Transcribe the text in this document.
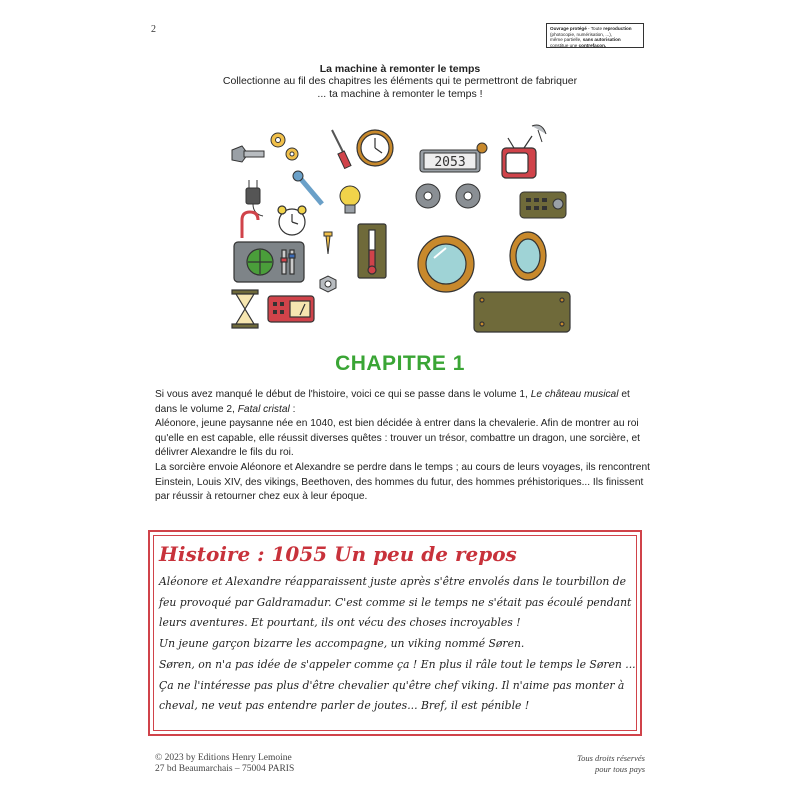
2	Ouvrage protégé - Toute reproduction
(photocopie, numérisation, ...),
même partielle, sans autorisation
constitue une contrefaçon.
La machine à remonter le temps
Collectionne au fil des chapitres les éléments qui te permettront de fabriquer
... ta machine à remonter le temps !
2053
CHAPITRE 1
Si vous avez manqué le début de l'histoire, voici ce qui se passe dans le volume 1, Le château musical et dans le volume 2, Fatal cristal :
Aléonore, jeune paysanne née en 1040, est bien décidée à entrer dans la chevalerie. Afin de montrer au roi qu'elle en est capable, elle réussit diverses quêtes : trouver un trésor, combattre un dragon, une sorcière, et délivrer Alexandre le fils du roi.
La sorcière envoie Aléonore et Alexandre se perdre dans le temps ; au cours de leurs voyages, ils rencontrent Einstein, Louis XIV, des vikings, Beethoven, des hommes du futur, des hommes préhistoriques... Ils finissent par réussir à retourner chez eux à leur époque.
Histoire : 1055 Un peu de repos
Aléonore et Alexandre réapparaissent juste après s'être envolés dans le tourbillon de feu provoqué par Galdramadur. C'est comme si le temps ne s'était pas écoulé pendant leurs aventures. Et pourtant, ils ont vécu des choses incroyables !
Un jeune garçon bizarre les accompagne, un viking nommé Søren.
Søren, on n'a pas idée de s'appeler comme ça ! En plus il râle tout le temps le Søren ... Ça ne l'intéresse pas plus d'être chevalier qu'être chef viking. Il n'aime pas monter à cheval, ne veut pas entendre parler de joutes... Bref, il est pénible !
© 2023 by Editions Henry Lemoine
27 bd Beaumarchais – 75004 PARIS
Tous droits réservés
pour tous pays
